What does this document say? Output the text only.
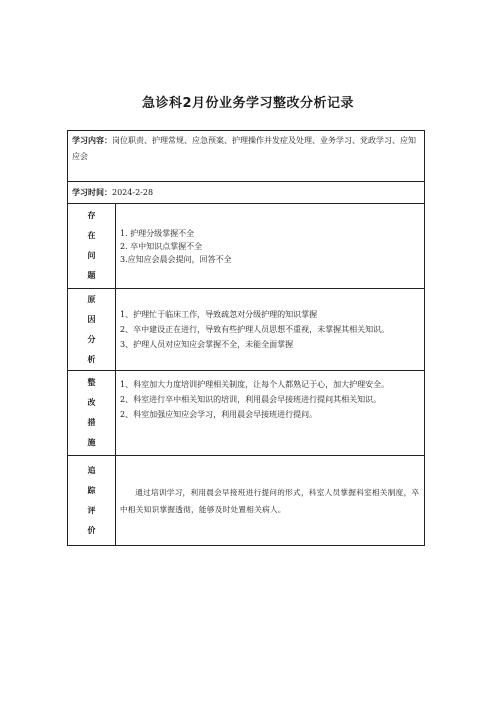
急诊科2月份业务学习整改分析记录
学习内容：岗位职责、护理常规、应急预案、护理操作并发症及处理、业务学习、党政学习、应知应会
学习时间： 2024-2-28
存
在
问
题
1. 护理分级掌握不全
2. 卒中知识点掌握不全
3.应知应会晨会提问，回答不全
原
因
分
析
1、护理忙于临床工作，导致疏忽对分级护理的知识掌握
2、卒中建设正在进行，导致有些护理人员思想不重视，未掌握其相关知识。
3、护理人员对应知应会掌握不全，未能全面掌握
整
改
措
施
1、科室加大力度培训护理相关制度，让每个人都熟记于心，加大护理安全。
2、科室进行卒中相关知识的培训，利用晨会早接班进行提问其相关知识。
2、科室加强应知应会学习，利用晨会早接班进行提问。
追
踪
评
价
通过培训学习，利用晨会早接班进行提问的形式，科室人员掌握科室相关制度，卒中相关知识掌握透彻，能够及时处置相关病人。
